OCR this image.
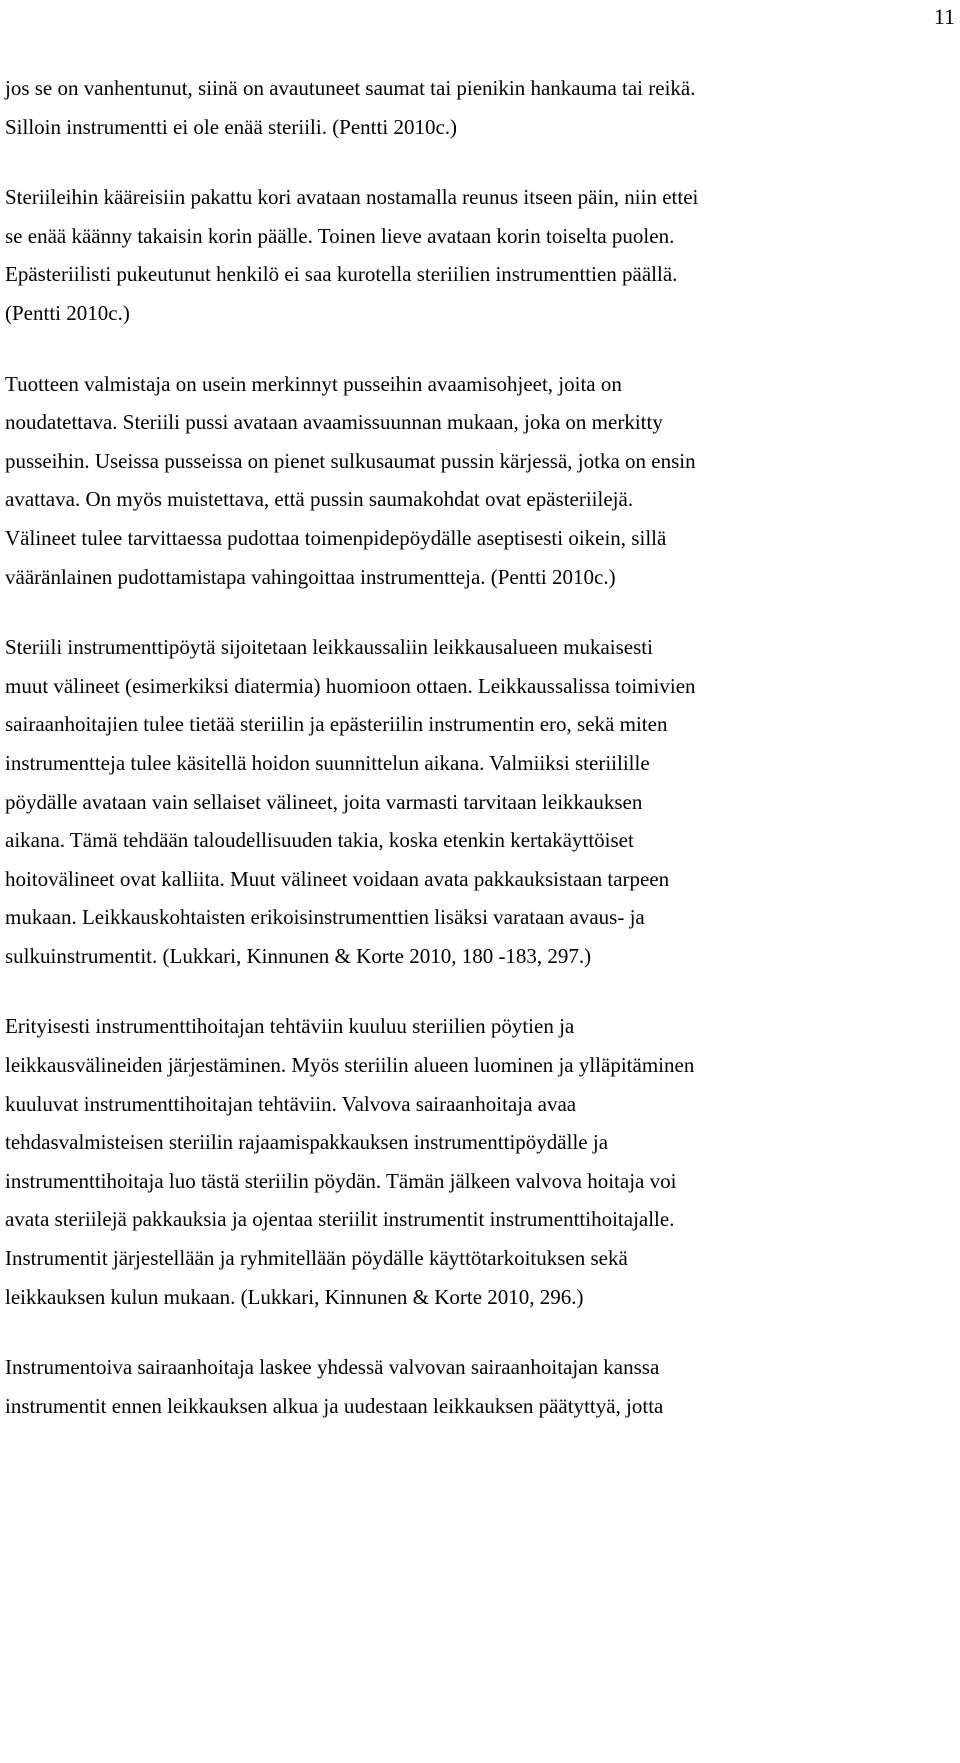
11

jos se on vanhentunut, siinä on avautuneet saumat tai pienikin hankauma tai reikä.
Silloin instrumentti ei ole enää steriili. (Pentti 2010c.)

Steriileihin kääreisiin pakattu kori avataan nostamalla reunus itseen päin, niin ettei
se enää käänny takaisin korin päälle. Toinen lieve avataan korin toiselta puolen.
Epästeriilisti pukeutunut henkilö ei saa kurotella steriilien instrumenttien päällä.
(Pentti 2010c.)

Tuotteen valmistaja on usein merkinnyt pusseihin avaamisohjeet, joita on
noudatettava. Steriili pussi avataan avaamissuunnan mukaan, joka on merkitty
pusseihin. Useissa pusseissa on pienet sulkusaumat pussin kärjessä, jotka on ensin
avattava. On myös muistettava, että pussin saumakohdat ovat epästeriilejä.
Välineet tulee tarvittaessa pudottaa toimenpidepöydälle aseptisesti oikein, sillä
vääränlainen pudottamistapa vahingoittaa instrumentteja. (Pentti 2010c.)

Steriili instrumenttipöytä sijoitetaan leikkaussaliin leikkausalueen mukaisesti
muut välineet (esimerkiksi diatermia) huomioon ottaen. Leikkaussalissa toimivien
sairaanhoitajien tulee tietää steriilin ja epästeriilin instrumentin ero, sekä miten
instrumentteja tulee käsitellä hoidon suunnittelun aikana. Valmiiksi steriilille
pöydälle avataan vain sellaiset välineet, joita varmasti tarvitaan leikkauksen
aikana. Tämä tehdään taloudellisuuden takia, koska etenkin kertakäyttöiset
hoitovälineet ovat kalliita. Muut välineet voidaan avata pakkauksistaan tarpeen
mukaan. Leikkauskohtaisten erikoisinstrumenttien lisäksi varataan avaus- ja
sulkuinstrumentit. (Lukkari, Kinnunen & Korte 2010, 180 -183, 297.)

Erityisesti instrumenttihoitajan tehtäviin kuuluu steriilien pöytien ja
leikkausvälineiden järjestäminen. Myös steriilin alueen luominen ja ylläpitäminen
kuuluvat instrumenttihoitajan tehtäviin. Valvova sairaanhoitaja avaa
tehdasvalmisteisen steriilin rajaamispakkauksen instrumenttipöydälle ja
instrumenttihoitaja luo tästä steriilin pöydän. Tämän jälkeen valvova hoitaja voi
avata steriilejä pakkauksia ja ojentaa steriilit instrumentit instrumenttihoitajalle.
Instrumentit järjestellään ja ryhmitellään pöydälle käyttötarkoituksen sekä
leikkauksen kulun mukaan. (Lukkari, Kinnunen & Korte 2010, 296.)

Instrumentoiva sairaanhoitaja laskee yhdessä valvovan sairaanhoitajan kanssa
instrumentit ennen leikkauksen alkua ja uudestaan leikkauksen päätyttyä, jotta
